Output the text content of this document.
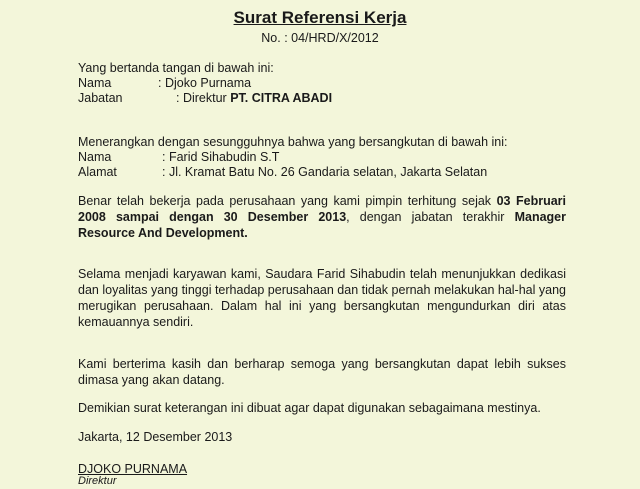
Surat Referensi Kerja
No. : 04/HRD/X/2012
Yang bertanda tangan di bawah ini:
Nama	: Djoko Purnama
Jabatan	: Direktur PT. CITRA ABADI
Menerangkan dengan sesungguhnya bahwa yang bersangkutan di bawah ini:
Nama	: Farid Sihabudin S.T
Alamat	: Jl. Kramat Batu No. 26 Gandaria selatan, Jakarta Selatan
Benar telah bekerja pada perusahaan yang kami pimpin terhitung sejak 03 Februari 2008 sampai dengan 30 Desember 2013, dengan jabatan terakhir Manager Resource And Development.
Selama menjadi karyawan kami, Saudara Farid Sihabudin telah menunjukkan dedikasi dan loyalitas yang tinggi terhadap perusahaan dan tidak pernah melakukan hal-hal yang merugikan perusahaan. Dalam hal ini yang bersangkutan mengundurkan diri atas kemauannya sendiri.
Kami berterima kasih dan berharap semoga yang bersangkutan dapat lebih sukses dimasa yang akan datang.
Demikian surat keterangan ini dibuat agar dapat digunakan sebagaimana mestinya.
Jakarta, 12 Desember 2013
DJOKO PURNAMA
Direktur
